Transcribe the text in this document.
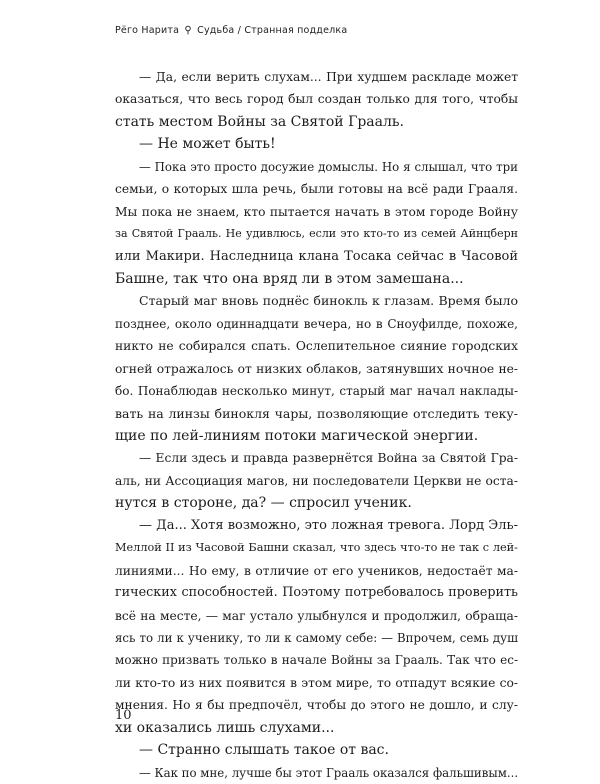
Рёго Нарита ⚲ Судьба / Странная подделка
— Да, если верить слухам... При худшем раскладе может
оказаться, что весь город был создан только для того, чтобы
стать местом Войны за Святой Грааль.
— Не может быть!
— Пока это просто досужие домыслы. Но я слышал, что три
семьи, о которых шла речь, были готовы на всё ради Грааля.
Мы пока не знаем, кто пытается начать в этом городе Войну
за Святой Грааль. Не удивлюсь, если это кто-то из семей Айнцберн
или Макири. Наследница клана Тосака сейчас в Часовой
Башне, так что она вряд ли в этом замешана...
Старый маг вновь поднёс бинокль к глазам. Время было
позднее, около одиннадцати вечера, но в Сноуфилде, похоже,
никто не собирался спать. Ослепительное сияние городских
огней отражалось от низких облаков, затянувших ночное не-
бо. Понаблюдав несколько минут, старый маг начал наклады-
вать на линзы бинокля чары, позволяющие отследить теку-
щие по лей-линиям потоки магической энергии.
— Если здесь и правда развернётся Война за Святой Гра-
аль, ни Ассоциация магов, ни последователи Церкви не оста-
нутся в стороне, да? — спросил ученик.
— Да... Хотя возможно, это ложная тревога. Лорд Эль-
Меллой II из Часовой Башни сказал, что здесь что-то не так с лей-
линиями... Но ему, в отличие от его учеников, недостаёт ма-
гических способностей. Поэтому потребовалось проверить
всё на месте, — маг устало улыбнулся и продолжил, обраща-
ясь то ли к ученику, то ли к самому себе: — Впрочем, семь душ
можно призвать только в начале Войны за Грааль. Так что ес-
ли кто-то из них появится в этом мире, то отпадут всякие со-
мнения. Но я бы предпочёл, чтобы до этого не дошло, и слу-
хи оказались лишь слухами...
— Странно слышать такое от вас.
— Как по мне, лучше бы этот Грааль оказался фальшивым...
10
